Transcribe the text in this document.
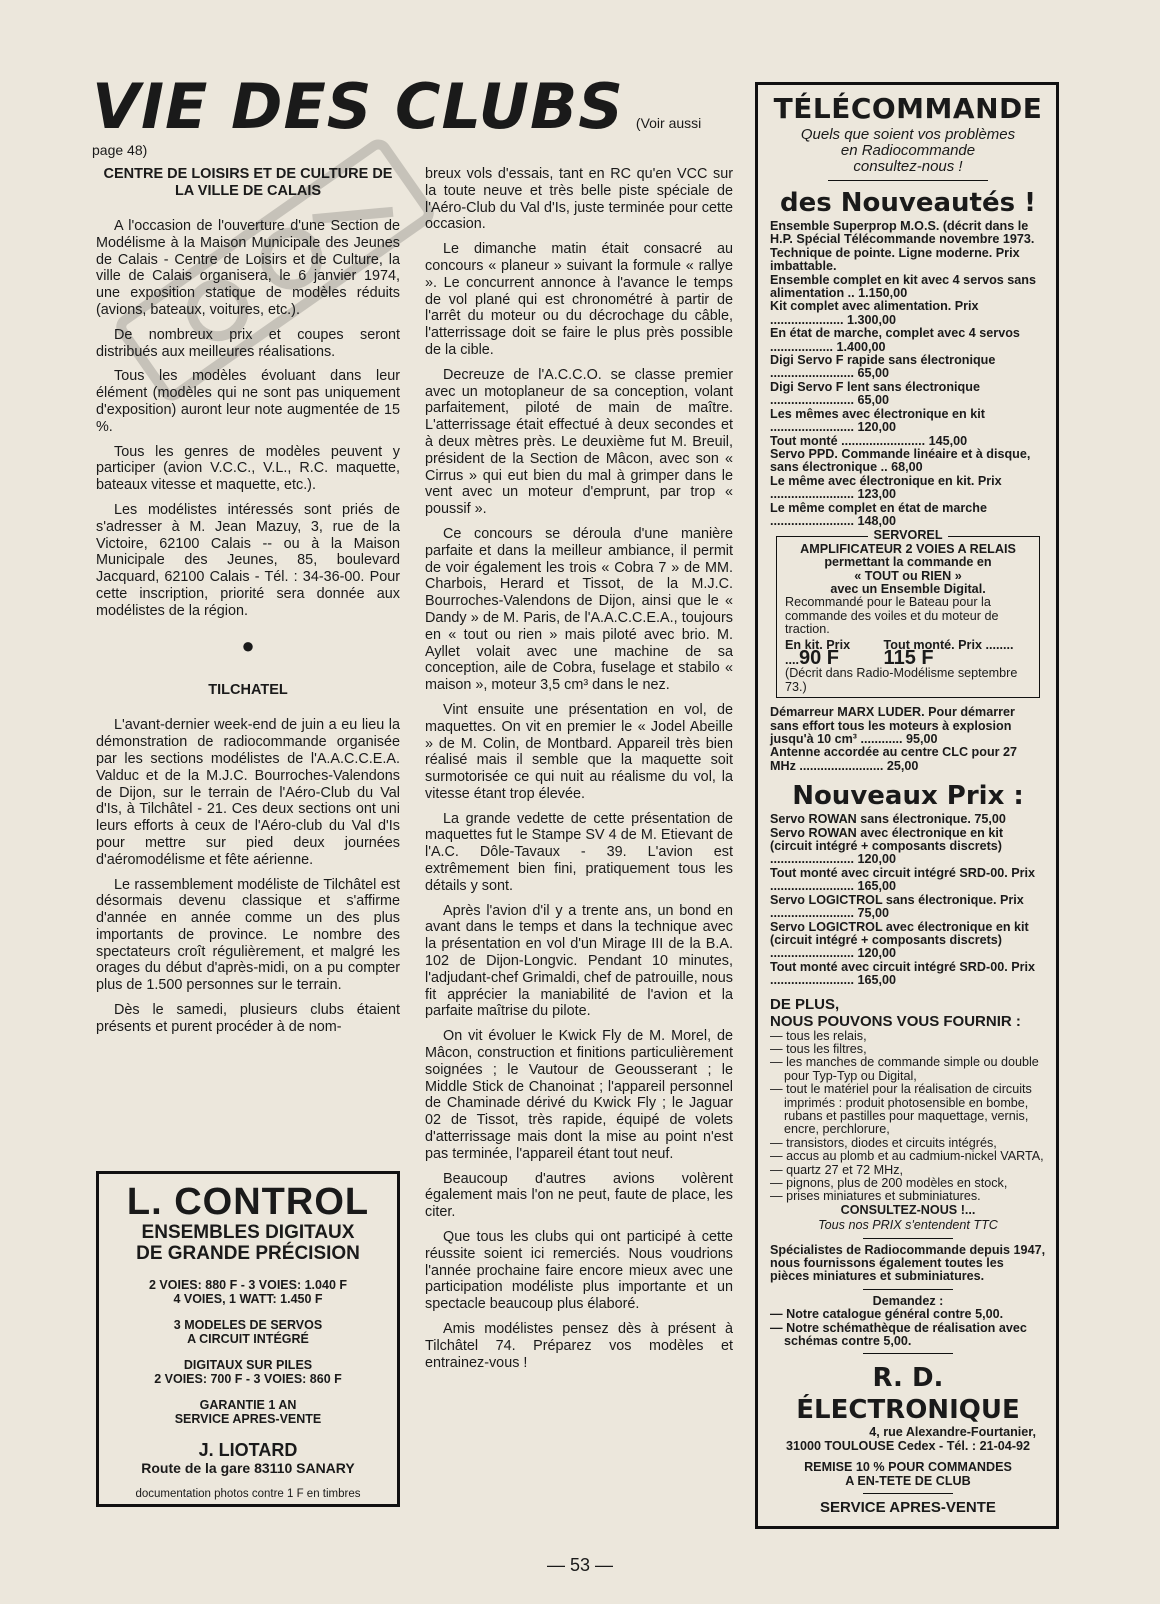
VIE DES CLUBS (Voir aussi page 48)
CENTRE DE LOISIRS ET DE CULTURE DE LA VILLE DE CALAIS

A l'occasion de l'ouverture d'une Section de Modélisme à la Maison Municipale des Jeunes de Calais - Centre de Loisirs et de Culture, la ville de Calais organisera, le 6 janvier 1974, une exposition statique de modèles réduits (avions, bateaux, voitures, etc.).

De nombreux prix et coupes seront distribués aux meilleures réalisations.

Tous les modèles évoluant dans leur élément (modèles qui ne sont pas uniquement d'exposition) auront leur note augmentée de 15 %.

Tous les genres de modèles peuvent y participer (avion V.C.C., V.L., R.C. maquette, bateaux vitesse et maquette, etc.).

Les modélistes intéressés sont priés de s'adresser à M. Jean Mazuy, 3, rue de la Victoire, 62100 Calais -- ou à la Maison Municipale des Jeunes, 85, boulevard Jacquard, 62100 Calais - Tél. : 34-36-00. Pour cette inscription, priorité sera donnée aux modélistes de la région.

●
TILCHATEL

L'avant-dernier week-end de juin a eu lieu la démonstration de radiocommande organisée par les sections modélistes de l'A.A.C.C.E.A. Valduc et de la M.J.C. Bourroches-Valendons de Dijon, sur le terrain de l'Aéro-Club du Val d'Is, à Tilchâtel - 21. Ces deux sections ont uni leurs efforts à ceux de l'Aéro-club du Val d'Is pour mettre sur pied deux journées d'aéromodélisme et fête aérienne.

Le rassemblement modéliste de Tilchâtel est désormais devenu classique et s'affirme d'année en année comme un des plus importants de province. Le nombre des spectateurs croît régulièrement, et malgré les orages du début d'après-midi, on a pu compter plus de 1.500 personnes sur le terrain.

Dès le samedi, plusieurs clubs étaient présents et purent procéder à de nom-

breux vols d'essais, tant en RC qu'en VCC sur la toute neuve et très belle piste spéciale de l'Aéro-Club du Val d'Is, juste terminée pour cette occasion.

Le dimanche matin était consacré au concours « planeur » suivant la formule « rallye ». Le concurrent annonce à l'avance le temps de vol plané qui est chronométré à partir de l'arrêt du moteur ou du décrochage du câble, l'atterrissage doit se faire le plus près possible de la cible.

Decreuze de l'A.C.C.O. se classe premier avec un motoplaneur de sa conception, volant parfaitement, piloté de main de maître. L'atterrissage était effectué à deux secondes et à deux mètres près. Le deuxième fut M. Breuil, président de la Section de Mâcon, avec son « Cirrus » qui eut bien du mal à grimper dans le vent avec un moteur d'emprunt, par trop « poussif ».

Ce concours se déroula d'une manière parfaite et dans la meilleur ambiance, il permit de voir également les trois « Cobra 7 » de MM. Charbois, Herard et Tissot, de la M.J.C. Bourroches-Valendons de Dijon, ainsi que le « Dandy » de M. Paris, de l'A.A.C.C.E.A., toujours en « tout ou rien » mais piloté avec brio. M. Ayllet volait avec une machine de sa conception, aile de Cobra, fuselage et stabilo « maison », moteur 3,5 cm³ dans le nez.

Vint ensuite une présentation en vol, de maquettes. On vit en premier le « Jodel Abeille » de M. Colin, de Montbard. Appareil très bien réalisé mais il semble que la maquette soit surmotorisée ce qui nuit au réalisme du vol, la vitesse étant trop élevée.

La grande vedette de cette présentation de maquettes fut le Stampe SV 4 de M. Etievant de l'A.C. Dôle-Tavaux - 39. L'avion est extrêmement bien fini, pratiquement tous les détails y sont.

Après l'avion d'il y a trente ans, un bond en avant dans le temps et dans la technique avec la présentation en vol d'un Mirage III de la B.A. 102 de Dijon-Longvic. Pendant 10 minutes, l'adjudant-chef Grimaldi, chef de patrouille, nous fit apprécier la maniabilité de l'avion et la parfaite maîtrise du pilote.

On vit évoluer le Kwick Fly de M. Morel, de Mâcon, construction et finitions particulièrement soignées ; le Vautour de Geousserant ; le Middle Stick de Chanoinat ; l'appareil personnel de Chaminade dérivé du Kwick Fly ; le Jaguar 02 de Tissot, très rapide, équipé de volets d'atterrissage mais dont la mise au point n'est pas terminée, l'appareil étant tout neuf.

Beaucoup d'autres avions volèrent également mais l'on ne peut, faute de place, les citer.

Que tous les clubs qui ont participé à cette réussite soient ici remerciés. Nous voudrions l'année prochaine faire encore mieux avec une participation modéliste plus importante et un spectacle beaucoup plus élaboré.

Amis modélistes pensez dès à présent à Tilchâtel 74. Préparez vos modèles et entrainez-vous !

L. CONTROL
ENSEMBLES DIGITAUX
DE GRANDE PRÉCISION
2 VOIES: 880 F - 3 VOIES: 1.040 F
4 VOIES, 1 WATT: 1.450 F
3 MODELES DE SERVOS
A CIRCUIT INTÉGRÉ
DIGITAUX SUR PILES
2 VOIES: 700 F - 3 VOIES: 860 F
GARANTIE 1 AN
SERVICE APRES-VENTE
J. LIOTARD
Route de la gare 83110 SANARY
documentation photos contre 1 F en timbres
TÉLÉCOMMANDE
Quels que soient vos problèmes
en Radiocommande
consultez-nous !
des Nouveautés !
Ensemble Superprop M.O.S. (décrit dans le H.P. Spécial Télécommande novembre 1973. Technique de pointe. Ligne moderne. Prix imbattable.
Ensemble complet en kit avec 4 servos sans alimentation .. 1.150,00
Kit complet avec alimentation. Prix ..................... 1.300,00
En état de marche, complet avec 4 servos .................. 1.400,00
Digi Servo F rapide sans électronique ........................ 65,00
Digi Servo F lent sans électronique ........................ 65,00
Les mêmes avec électronique en kit ........................ 120,00
Tout monté ........................ 145,00
Servo PPD. Commande linéaire et à disque, sans électronique .. 68,00
Le même avec électronique en kit. Prix ........................ 123,00
Le même complet en état de marche ........................ 148,00
SERVOREL
AMPLIFICATEUR 2 VOIES A RELAIS
permettant la commande en
« TOUT ou RIEN »
avec un Ensemble Digital.
Recommandé pour le Bateau pour la commande des voiles et du moteur de traction.
En kit. Prix ....90 F
Tout monté. Prix ........ 115 F
(Décrit dans Radio-Modélisme septembre 73.)
Démarreur MARX LUDER. Pour démarrer sans effort tous les moteurs à explosion jusqu'à 10 cm³ ............ 95,00
Antenne accordée au centre CLC pour 27 MHz ........................ 25,00
Nouveaux Prix :
Servo ROWAN sans électronique. 75,00
Servo ROWAN avec électronique en kit (circuit intégré + composants discrets) ........................ 120,00
Tout monté avec circuit intégré SRD-00. Prix ........................ 165,00
Servo LOGICTROL sans électronique. Prix ........................ 75,00
Servo LOGICTROL avec électronique en kit (circuit intégré + composants discrets) ........................ 120,00
Tout monté avec circuit intégré SRD-00. Prix ........................ 165,00
DE PLUS,
NOUS POUVONS VOUS FOURNIR :
— tous les relais,
— tous les filtres,
— les manches de commande simple ou double pour Typ-Typ ou Digital,
— tout le matériel pour la réalisation de circuits imprimés : produit photosensible en bombe, rubans et pastilles pour maquettage, vernis, encre, perchlorure,
— transistors, diodes et circuits intégrés,
— accus au plomb et au cadmium-nickel VARTA,
— quartz 27 et 72 MHz,
— pignons, plus de 200 modèles en stock,
— prises miniatures et subminiatures.
CONSULTEZ-NOUS !...
Tous nos PRIX s'entendent TTC
Spécialistes de Radiocommande depuis 1947, nous fournissons également toutes les pièces miniatures et subminiatures.
Demandez :
— Notre catalogue général contre 5,00.
— Notre schémathèque de réalisation avec schémas contre 5,00.
R. D. ÉLECTRONIQUE
4, rue Alexandre-Fourtanier,
31000 TOULOUSE Cedex - Tél. : 21-04-92
REMISE 10 % POUR COMMANDES
A EN-TETE DE CLUB
SERVICE APRES-VENTE
— 53 —
